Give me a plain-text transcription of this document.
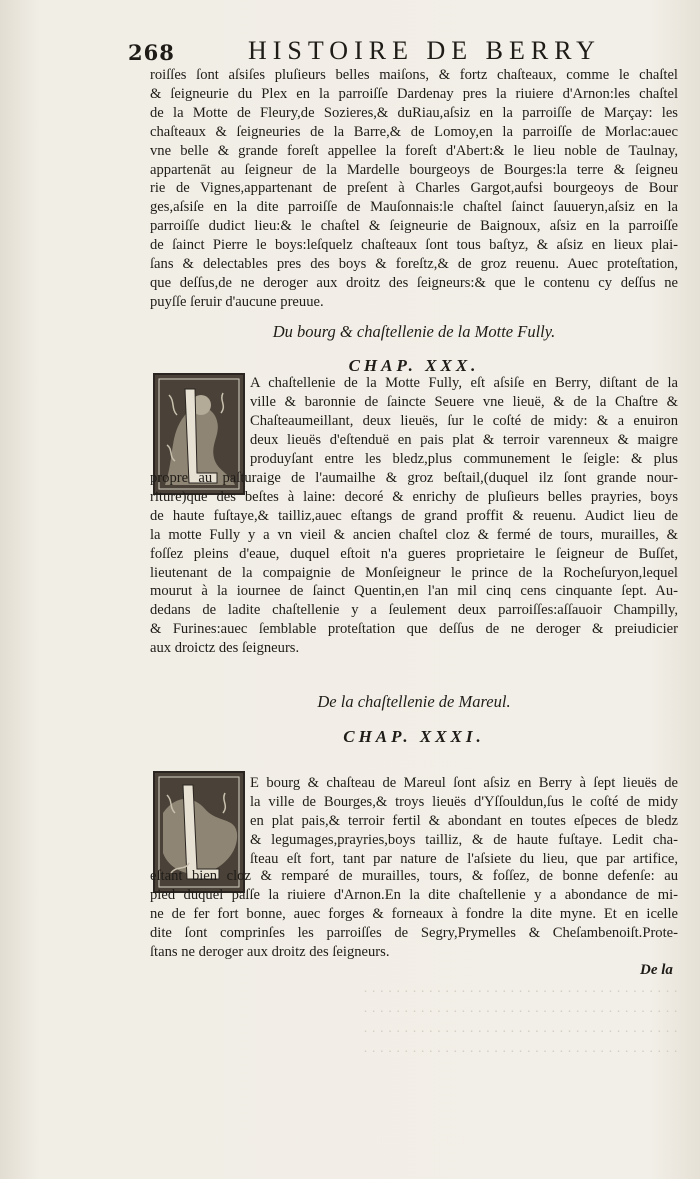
268	HISTOIRE DE BERRY
roiſſes ſont aſsiſes pluſieurs belles maiſons, & fortz chaſteaux, comme le chaſtel
& ſeigneurie du Plex en la parroiſſe Dardenay pres la riuiere d'Arnon:les chaſtel
de la Motte de Fleury,de Sozieres,& duRiau,aſsiz en la parroiſſe de Marçay: les
chaſteaux & ſeigneuries de la Barre,& de Lomoy,en la parroiſſe de Morlac:auec
vne belle & grande foreſt appellee la foreſt d'Abert:& le lieu noble de Taulnay,
appartenāt au ſeigneur de la Mardelle bourgeoys de Bourges:la terre & ſeigneu
rie de Vignes,appartenant de preſent à Charles Gargot,aufsi bourgeoys de Bour
ges,aſsiſe en la dite parroiſſe de Mauſonnais:le chaſtel ſainct ſauueryn,aſsiz en la
parroiſſe dudict lieu:& le chaſtel & ſeigneurie de Baignoux, aſsiz en la parroiſſe
de ſainct Pierre le boys:leſquelz chaſteaux ſont tous baſtyz, & aſsiz en lieux plai-
ſans & delectables pres des boys & foreſtz,& de groz reuenu. Auec proteſtation,
que deſſus,de ne deroger aux droitz des ſeigneurs:& que le contenu cy deſſus ne
puyſſe ſeruir d'aucune preuue.
Du bourg & chaſtellenie de la Motte Fully.
CHAP. XXX.
A chaſtellenie de la Motte Fully, eſt aſsiſe en Berry, diſtant de la
ville & baronnie de ſaincte Seuere vne lieuë, & de la Chaſtre &
Chaſteaumeillant, deux lieuës, ſur le coſté de midy: & a enuiron
deux lieuës d'eſtenduë en pais plat & terroir varenneux & maigre
produyſant entre les bledz,plus communement le ſeigle: & plus
propre au paſturaige de l'aumailhe & groz beſtail,(duquel ilz ſont grande nour-
riture)que des beſtes à laine: decoré & enrichy de pluſieurs belles prayries, boys
de haute fuſtaye,& tailliz,auec eſtangs de grand proffit & reuenu. Audict lieu de
la motte Fully y a vn vieil & ancien chaſtel cloz & fermé de tours, murailles, &
foſſez pleins d'eaue, duquel eſtoit n'a gueres proprietaire le ſeigneur de Buſſet,
lieutenant de la compaignie de Monſeigneur le prince de la Rocheſuryon,lequel
mourut à la iournee de ſainct Quentin,en l'an mil cinq cens cinquante ſept. Au-
dedans de ladite chaſtellenie y a ſeulement deux parroiſſes:aſſauoir Champilly,
& Furines:auec ſemblable proteſtation que deſſus de ne deroger & preiudicier
aux droictz des ſeigneurs.
De la chaſtellenie de Mareul.
CHAP. XXXI.
E bourg & chaſteau de Mareul ſont aſsiz en Berry à ſept lieuës de
la ville de Bourges,& troys lieuës d'Yſſouldun,ſus le coſté de midy
en plat pais,& terroir fertil & abondant en toutes eſpeces de bledz
& legumages,prayries,boys tailliz, & de haute fuſtaye. Ledit cha-
ſteau eſt fort, tant par nature de l'aſsiete du lieu, que par artifice,
eſtant bien cloz & remparé de murailles, tours, & foſſez, de bonne defenſe: au
pied duquel paſſe la riuiere d'Arnon.En la dite chaſtellenie y a abondance de mi-
ne de fer fort bonne, auec forges & forneaux à fondre la dite myne. Et en icelle
dite ſont comprinſes les parroiſſes de Segry,Prymelles & Cheſambenoiſt.Prote-
ſtans ne deroger aux droitz des ſeigneurs.
De la
· · · · · · · · · · · · · · · · · · · · · · · · · · · · · · · · · · · · · · ·
· · · · · · · · · · · · · · · · · · · · · · · · · · · · · · · · · · · · · · ·
· · · · · · · · · · · · · · · · · · · · · · · · · · · · · · · · · · · · · · ·
· · · · · · · · · · · · · · · · · · · · · · · · · · · · · · · · · · · · · · ·
